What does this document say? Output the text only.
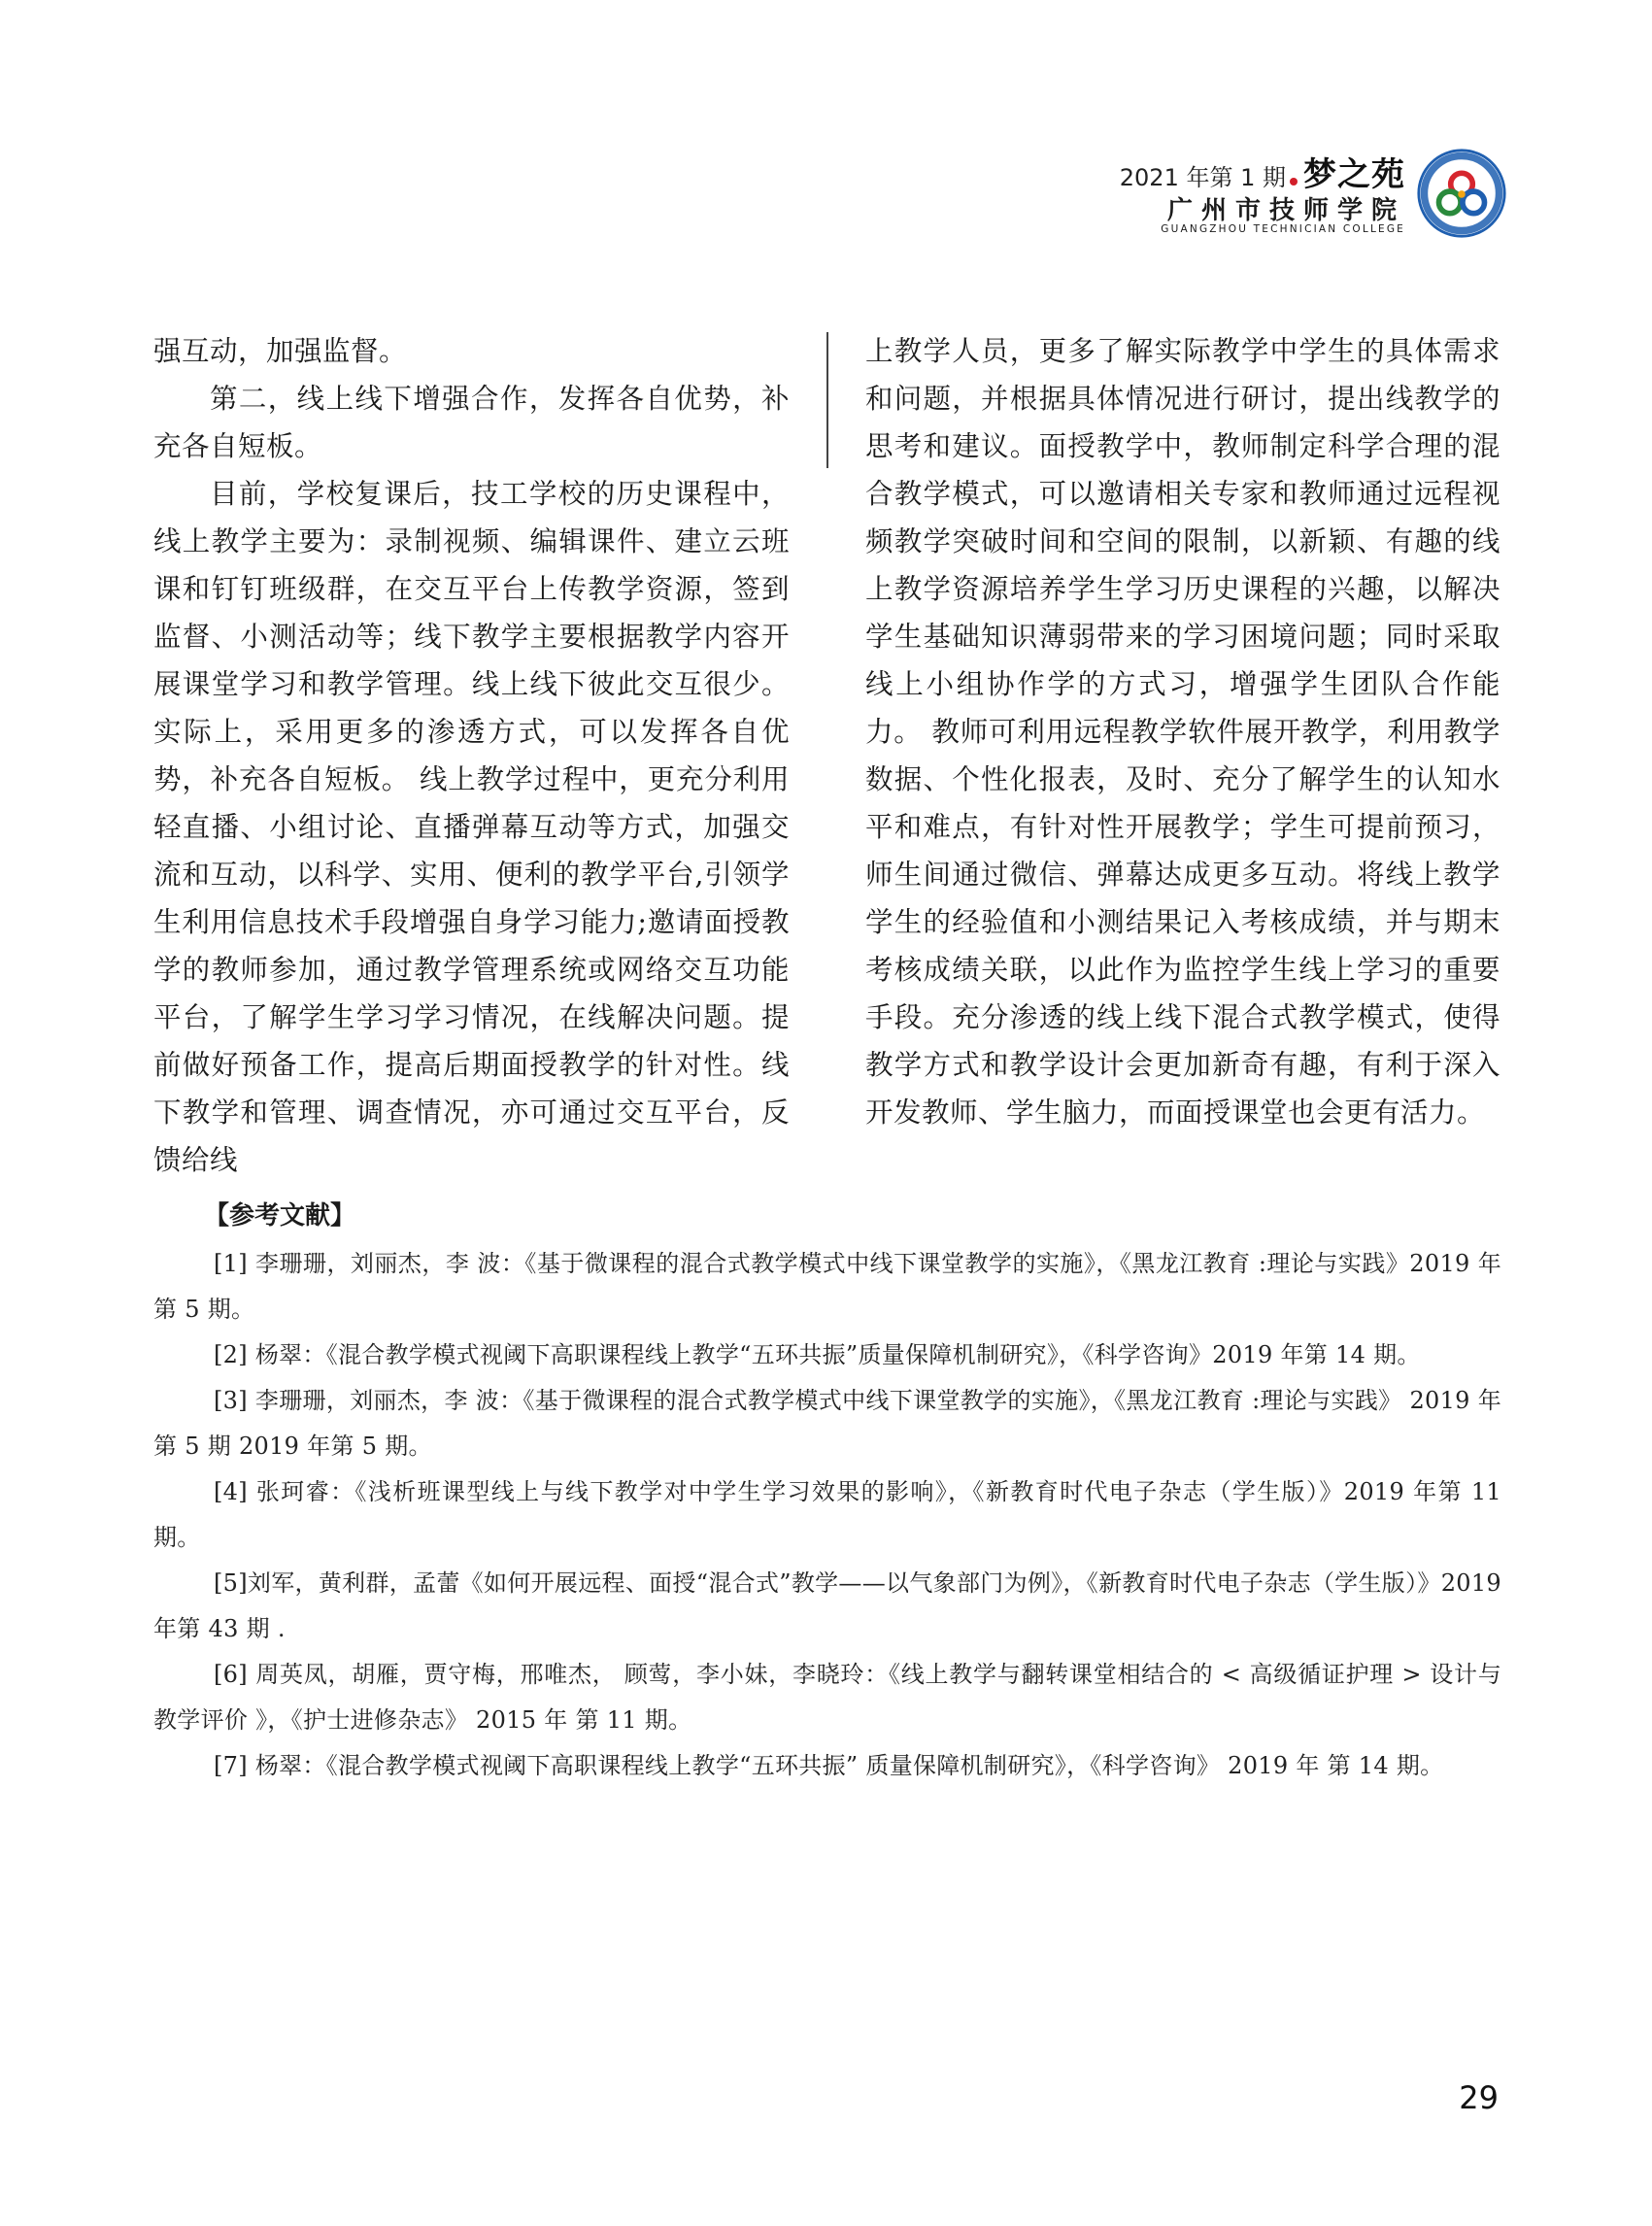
2021 年第 1 期 梦之苑
广州市技师学院
GUANGZHOU TECHNICIAN COLLEGE

强互动，加强监督。

第二，线上线下增强合作，发挥各自优势，补充各自短板。

目前，学校复课后，技工学校的历史课程中，线上教学主要为：录制视频、编辑课件、建立云班课和钉钉班级群，在交互平台上传教学资源，签到监督、小测活动等；线下教学主要根据教学内容开展课堂学习和教学管理。线上线下彼此交互很少。实际上，采用更多的渗透方式，可以发挥各自优势，补充各自短板。 线上教学过程中，更充分利用轻直播、小组讨论、直播弹幕互动等方式，加强交流和互动，以科学、实用、便利的教学平台,引领学生利用信息技术手段增强自身学习能力;邀请面授教学的教师参加，通过教学管理系统或网络交互功能平台，了解学生学习学习情况，在线解决问题。提前做好预备工作，提高后期面授教学的针对性。线下教学和管理、调查情况，亦可通过交互平台，反馈给线

上教学人员，更多了解实际教学中学生的具体需求和问题，并根据具体情况进行研讨，提出线教学的思考和建议。面授教学中，教师制定科学合理的混合教学模式，可以邀请相关专家和教师通过远程视频教学突破时间和空间的限制，以新颖、有趣的线上教学资源培养学生学习历史课程的兴趣，以解决学生基础知识薄弱带来的学习困境问题；同时采取线上小组协作学的方式习，增强学生团队合作能力。 教师可利用远程教学软件展开教学，利用教学数据、个性化报表，及时、充分了解学生的认知水平和难点，有针对性开展教学；学生可提前预习，师生间通过微信、弹幕达成更多互动。将线上教学学生的经验值和小测结果记入考核成绩，并与期末考核成绩关联，以此作为监控学生线上学习的重要手段。充分渗透的线上线下混合式教学模式，使得教学方式和教学设计会更加新奇有趣，有利于深入开发教师、学生脑力，而面授课堂也会更有活力。

【参考文献】

[1] 李珊珊，刘丽杰，李 波：《基于微课程的混合式教学模式中线下课堂教学的实施》，《黑龙江教育 :理论与实践》2019 年第 5 期。

[2] 杨翠：《混合教学模式视阈下高职课程线上教学“五环共振”质量保障机制研究》，《科学咨询》2019 年第 14 期。

[3] 李珊珊，刘丽杰，李 波：《基于微课程的混合式教学模式中线下课堂教学的实施》，《黑龙江教育 :理论与实践》 2019 年 第 5 期 2019 年第 5 期。

[4] 张珂睿：《浅析班课型线上与线下教学对中学生学习效果的影响》，《新教育时代电子杂志（学生版）》2019 年第 11 期。

[5]刘军，黄利群，孟蕾《如何开展远程、面授“混合式”教学——以气象部门为例》，《新教育时代电子杂志（学生版）》2019 年第 43 期 .

[6] 周英凤，胡雁，贾守梅，邢唯杰， 顾莺，李小妹，李晓玲：《线上教学与翻转课堂相结合的 < 高级循证护理 > 设计与教学评价 》，《护士进修杂志》 2015 年 第 11 期。

[7] 杨翠：《混合教学模式视阈下高职课程线上教学“五环共振” 质量保障机制研究》，《科学咨询》 2019 年 第 14 期。

29
